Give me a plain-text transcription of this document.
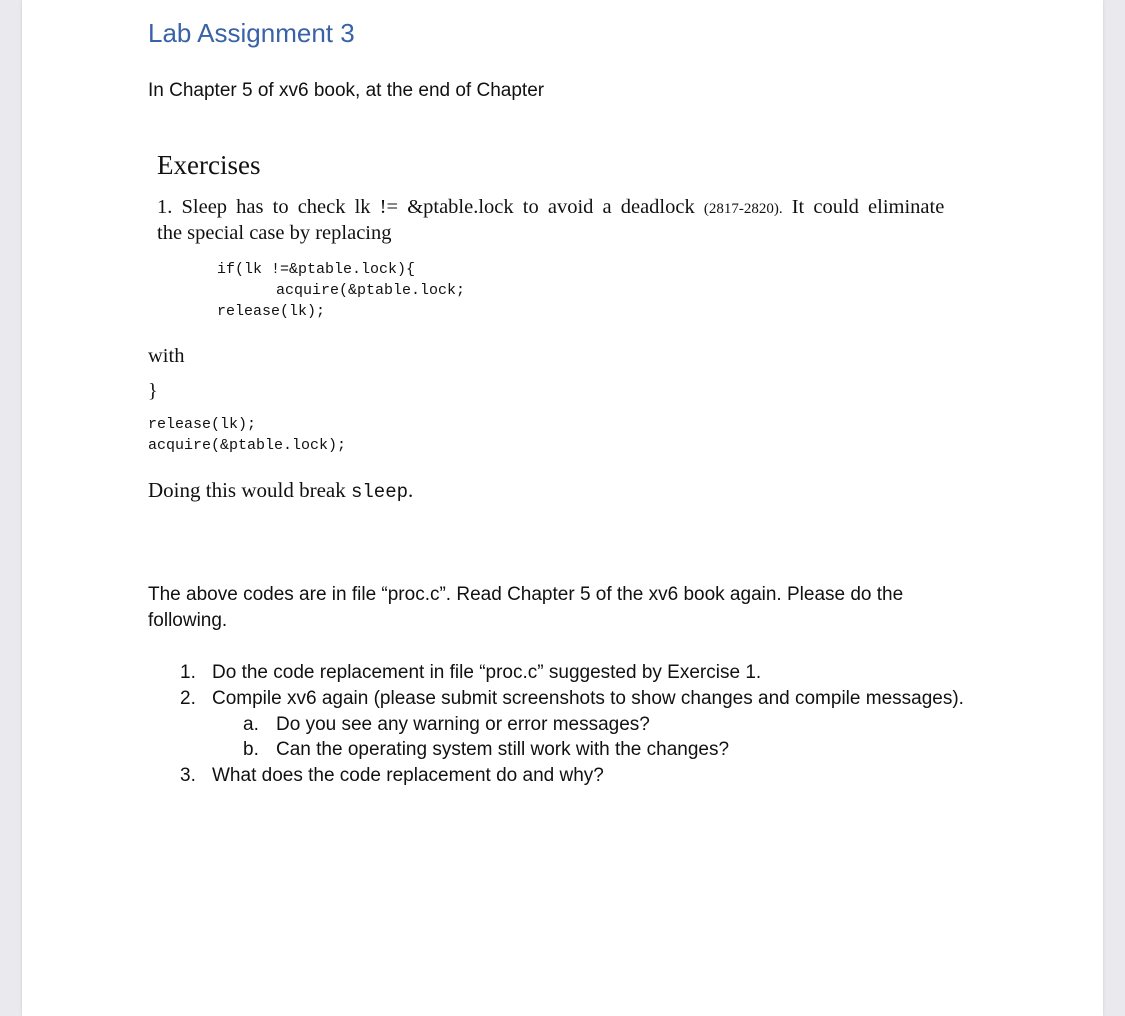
Lab Assignment 3
In Chapter 5 of xv6 book, at the end of Chapter
Exercises
1. Sleep has to check lk != &ptable.lock to avoid a deadlock (2817-2820). It could eliminate
the special case by replacing
if(lk !=&ptable.lock){
acquire(&ptable.lock;
release(lk);
with
}
release(lk);
acquire(&ptable.lock);
Doing this would break sleep.
The above codes are in file “proc.c”. Read Chapter 5 of the xv6 book again. Please do the
following.
1. Do the code replacement in file “proc.c” suggested by Exercise 1.
2. Compile xv6 again (please submit screenshots to show changes and compile messages).
a. Do you see any warning or error messages?
b. Can the operating system still work with the changes?
3. What does the code replacement do and why?
